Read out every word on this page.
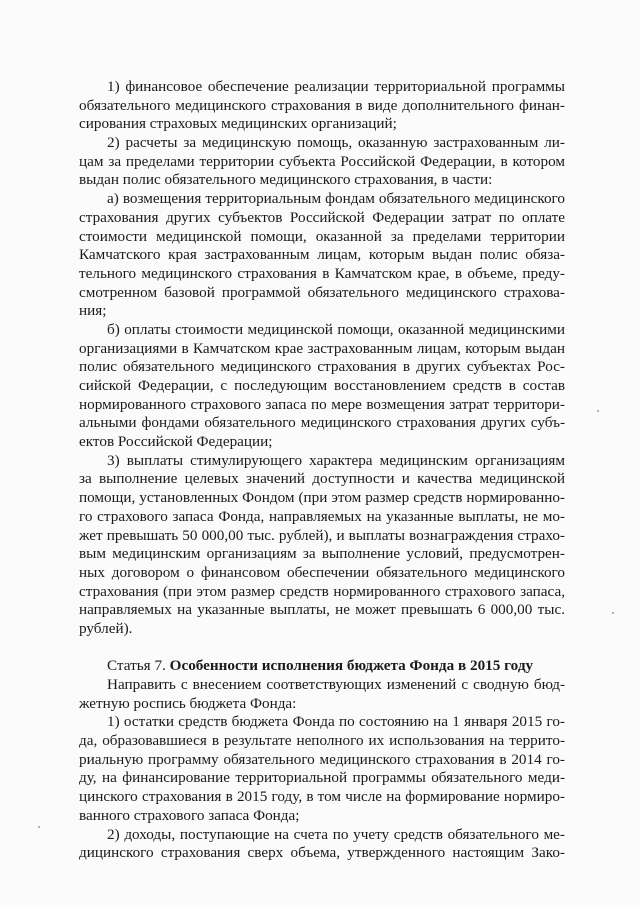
1) финансовое обеспечение реализации территориальной программы
обязательного медицинского страхования в виде дополнительного финан-
сирования страховых медицинских организаций;
2) расчеты за медицинскую помощь, оказанную застрахованным ли-
цам за пределами территории субъекта Российской Федерации, в котором
выдан полис обязательного медицинского страхования, в части:
а) возмещения территориальным фондам обязательного медицинского
страхования других субъектов Российской Федерации затрат по оплате
стоимости медицинской помощи, оказанной за пределами территории
Камчатского края застрахованным лицам, которым выдан полис обяза-
тельного медицинского страхования в Камчатском крае, в объеме, преду-
смотренном базовой программой обязательного медицинского страхова-
ния;
б) оплаты стоимости медицинской помощи, оказанной медицинскими
организациями в Камчатском крае застрахованным лицам, которым выдан
полис обязательного медицинского страхования в других субъектах Рос-
сийской Федерации, с последующим восстановлением средств в состав
нормированного страхового запаса по мере возмещения затрат территори-
альными фондами обязательного медицинского страхования других субъ-
ектов Российской Федерации;
3) выплаты стимулирующего характера медицинским организациям
за выполнение целевых значений доступности и качества медицинской
помощи, установленных Фондом (при этом размер средств нормированно-
го страхового запаса Фонда, направляемых на указанные выплаты, не мо-
жет превышать 50 000,00 тыс. рублей), и выплаты вознаграждения страхо-
вым медицинским организациям за выполнение условий, предусмотрен-
ных договором о финансовом обеспечении обязательного медицинского
страхования (при этом размер средств нормированного страхового запаса,
направляемых на указанные выплаты, не может превышать 6 000,00 тыс.
рублей).
Статья 7. Особенности исполнения бюджета Фонда в 2015 году
Направить с внесением соответствующих изменений с сводную бюд-
жетную роспись бюджета Фонда:
1) остатки средств бюджета Фонда по состоянию на 1 января 2015 го-
да, образовавшиеся в результате неполного их использования на террито-
риальную программу обязательного медицинского страхования в 2014 го-
ду, на финансирование территориальной программы обязательного меди-
цинского страхования в 2015 году, в том числе на формирование нормиро-
ванного страхового запаса Фонда;
2) доходы, поступающие на счета по учету средств обязательного ме-
дицинского страхования сверх объема, утвержденного настоящим Зако-
